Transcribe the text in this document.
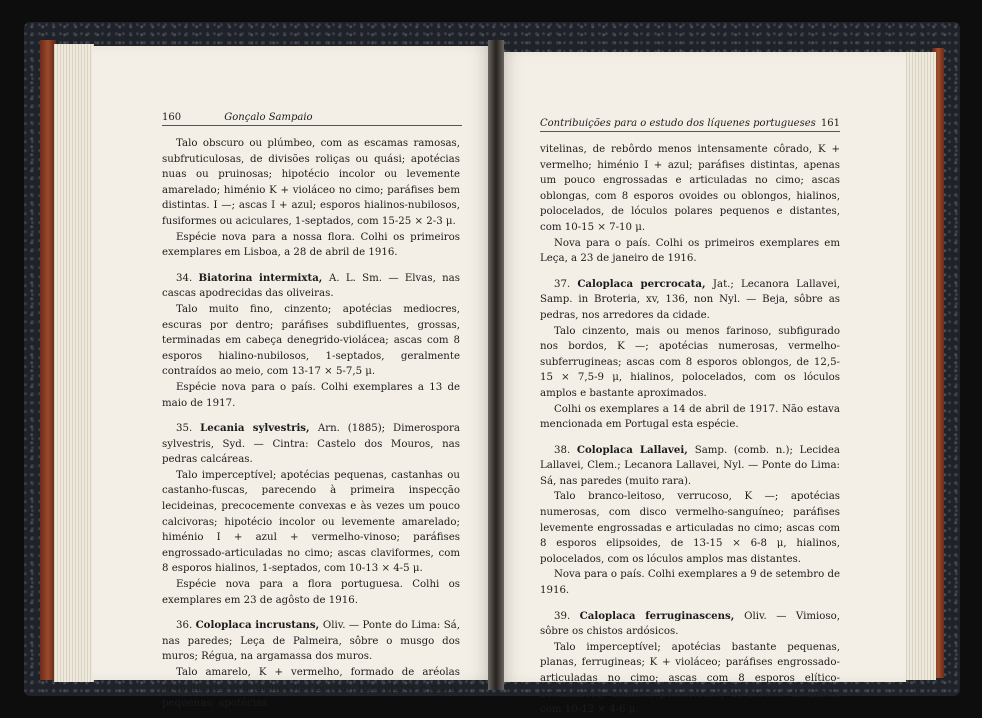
160	Gonçalo Sampaio

Talo obscuro ou plúmbeo, com as escamas ramosas, subfruticulosas, de divisões roliças ou quási; apotécias nuas ou pruinosas; hipotécio incolor ou levemente amarelado; himénio K + violáceo no cimo; paráfises bem distintas. I —; ascas I + azul; esporos hialinos-nubilosos, fusiformes ou aciculares, 1-septados, com 15-25 × 2-3 μ.

Espécie nova para a nossa flora. Colhi os primeiros exemplares em Lisboa, a 28 de abril de 1916.

34. Biatorina intermixta, A. L. Sm. — Elvas, nas cascas apodrecidas das oliveiras.

Talo muito fino, cinzento; apotécias mediocres, escuras por dentro; paráfises subdifluentes, grossas, terminadas em cabeça denegrido-violácea; ascas com 8 esporos hialino-nubilosos, 1-septados, geralmente contraídos ao meio, com 13-17 × 5-7,5 μ.

Espécie nova para o país. Colhi exemplares a 13 de maio de 1917.

35. Lecania sylvestris, Arn. (1885); Dimerospora sylvestris, Syd. — Cintra: Castelo dos Mouros, nas pedras calcáreas.

Talo imperceptível; apotécias pequenas, castanhas ou castanho-fuscas, parecendo à primeira inspecção lecideinas, precocemente convexas e às vezes um pouco calcivoras; hipotécio incolor ou levemente amarelado; himénio I + azul + vermelho-vinoso; paráfises engrossado-articuladas no cimo; ascas claviformes, com 8 esporos hialinos, 1-septados, com 10-13 × 4-5 μ.

Espécie nova para a flora portuguesa. Colhi os exemplares em 23 de agôsto de 1916.

36. Coloplaca incrustans, Oliv. — Ponte do Lima: Sá, nas paredes; Leça de Palmeira, sôbre o musgo dos muros; Régua, na argamassa dos muros.

Talo amarelo, K + vermelho, formado de aréolas granuliferas pelo menos nos bordos, irregulares e muito pequenas; apotécias

Contribuições para o estudo dos líquenes portugueses 161

vitelinas, de rebôrdo menos intensamente côrado, K + vermelho; himénio I + azul; paráfises distintas, apenas um pouco engrossadas e articuladas no cimo; ascas oblongas, com 8 esporos ovoides ou oblongos, hialinos, polocelados, de lóculos polares pequenos e distantes, com 10-15 × 7-10 μ.

Nova para o país. Colhi os primeiros exemplares em Leça, a 23 de janeiro de 1916.

37. Caloplaca percrocata, Jat.; Lecanora Lallavei, Samp. in Broteria, xv, 136, non Nyl. — Beja, sôbre as pedras, nos arredores da cidade.

Talo cinzento, mais ou menos farinoso, subfigurado nos bordos, K —; apotécias numerosas, vermelho-subferrugineas; ascas com 8 esporos oblongos, de 12,5-15 × 7,5-9 μ, hialinos, polocelados, com os lóculos amplos e bastante aproximados.

Colhi os exemplares a 14 de abril de 1917. Não estava mencionada em Portugal esta espécie.

38. Coloplaca Lallavei, Samp. (comb. n.); Lecidea Lallavei, Clem.; Lecanora Lallavei, Nyl. — Ponte do Lima: Sá, nas paredes (muito rara).

Talo branco-leitoso, verrucoso, K —; apotécias numerosas, com disco vermelho-sanguíneo; paráfises levemente engrossadas e articuladas no cimo; ascas com 8 esporos elipsoides, de 13-15 × 6-8 μ, hialinos, polocelados, com os lóculos amplos mas distantes.

Nova para o país. Colhi exemplares a 9 de setembro de 1916.

39. Caloplaca ferruginascens, Oliv. — Vimioso, sôbre os chistos ardósicos.

Talo imperceptível; apotécias bastante pequenas, planas, ferrugineas; K + violáceo; paráfises engrossado-articuladas no cimo; ascas com 8 esporos elítico-acuminados, hialinos, polocelados, de lóculos distantes, com 10-12 × 4-6 μ.
